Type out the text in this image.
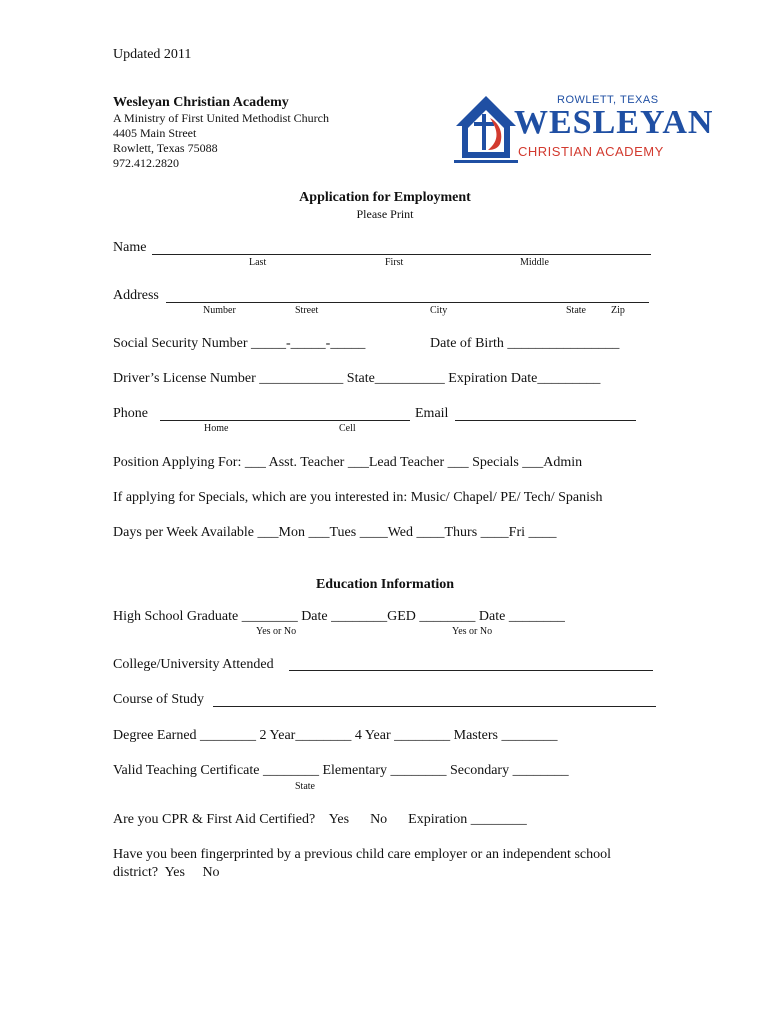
Updated 2011
Wesleyan Christian Academy
A Ministry of First United Methodist Church
4405 Main Street
Rowlett, Texas 75088
972.412.2820
ROWLETT, TEXAS
WESLEYAN
CHRISTIAN ACADEMY
Application for Employment
Please Print
Name
Last	First	Middle
Address
Number	Street	City	State	Zip
Social Security Number _____-_____-_____	Date of Birth ________________
Driver’s License Number ____________ State__________ Expiration Date_________
Phone	Email
Home	Cell
Position Applying For: ___ Asst. Teacher ___Lead Teacher ___ Specials ___Admin
If applying for Specials, which are you interested in: Music/ Chapel/ PE/ Tech/ Spanish
Days per Week Available ___Mon ___Tues ____Wed ____Thurs ____Fri ____
Education Information
High School Graduate ________ Date ________GED ________ Date ________
Yes or No	Yes or No
College/University Attended
Course of Study
Degree Earned ________ 2 Year________ 4 Year ________ Masters ________
Valid Teaching Certificate ________ Elementary ________ Secondary ________
State
Are you CPR & First Aid Certified?    Yes      No      Expiration ________
Have you been fingerprinted by a previous child care employer or an independent school
district?  Yes     No
